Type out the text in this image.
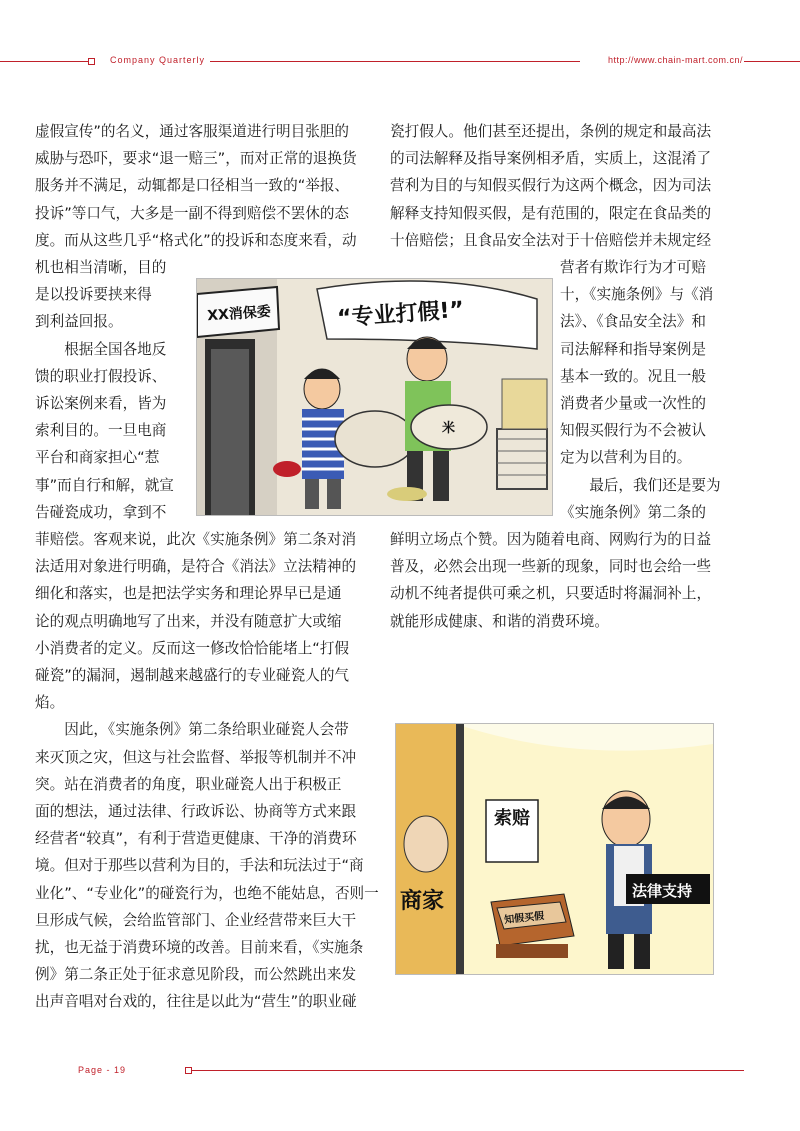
Company Quarterly	http://www.chain-mart.com.cn/
虚假宣传”的名义，通过客服渠道进行明目张胆的
威胁与恐吓，要求“退一赔三”，而对正常的退换货
服务并不满足，动辄都是口径相当一致的“举报、
投诉”等口气，大多是一副不得到赔偿不罢休的态
度。而从这些几乎“格式化”的投诉和态度来看，动
机也相当清晰，目的
是以投诉要挟来得
到利益回报。
　　根据全国各地反
馈的职业打假投诉、
诉讼案例来看，皆为
索利目的。一旦电商
平台和商家担心“惹
事”而自行和解，就宣
告碰瓷成功，拿到不
菲赔偿。客观来说，此次《实施条例》第二条对消
法适用对象进行明确，是符合《消法》立法精神的
细化和落实，也是把法学实务和理论界早已是通
论的观点明确地写了出来，并没有随意扩大或缩
小消费者的定义。反而这一修改恰恰能堵上“打假
碰瓷”的漏洞，遏制越来越盛行的专业碰瓷人的气
焰。
　　因此，《实施条例》第二条给职业碰瓷人会带
来灭顶之灾，但这与社会监督、举报等机制并不冲
突。站在消费者的角度，职业碰瓷人出于积极正
面的想法，通过法律、行政诉讼、协商等方式来跟
经营者“较真”，有利于营造更健康、干净的消费环
境。但对于那些以营利为目的，手法和玩法过于“商
业化”、“专业化”的碰瓷行为，也绝不能姑息，否则一
旦形成气候，会给监管部门、企业经营带来巨大干
扰，也无益于消费环境的改善。目前来看，《实施条
例》第二条正处于征求意见阶段，而公然跳出来发
出声音唱对台戏的，往往是以此为“营生”的职业碰
瓷打假人。他们甚至还提出，条例的规定和最高法
的司法解释及指导案例相矛盾，实质上，这混淆了
营利为目的与知假买假行为这两个概念，因为司法
解释支持知假买假，是有范围的，限定在食品类的
十倍赔偿；且食品安全法对于十倍赔偿并未规定经
营者有欺诈行为才可赔
十，《实施条例》与《消
法》、《食品安全法》和
司法解释和指导案例是
基本一致的。况且一般
消费者少量或一次性的
知假买假行为不会被认
定为以营利为目的。
　　最后，我们还是要为
《实施条例》第二条的
鲜明立场点个赞。因为随着电商、网购行为的日益
普及，必然会出现一些新的现象，同时也会给一些
动机不纯者提供可乘之机，只要适时将漏洞补上，
就能形成健康、和谐的消费环境。
XX消保委	“专业打假!”
米
索赔
商家
知假买假
法律支持
Page - 19
